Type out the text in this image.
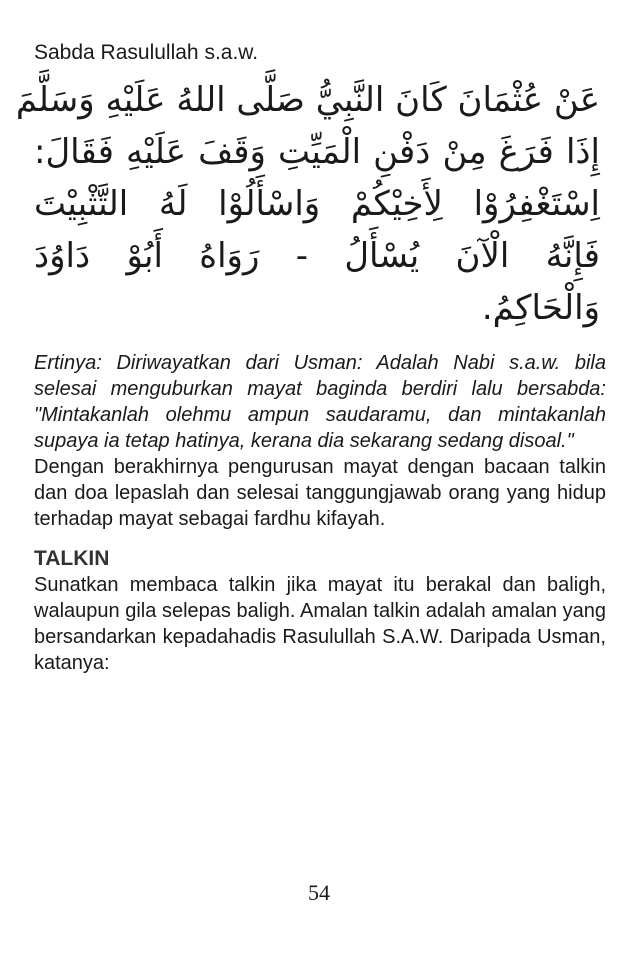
Sabda Rasulullah s.a.w.

عَنْ عُثْمَانَ كَانَ النَّبِيُّ صَلَّى اللهُ عَلَيْهِ وَسَلَّمَ
إِذَا فَرَغَ مِنْ دَفْنِ الْمَيِّتِ وَقَفَ عَلَيْهِ فَقَالَ:
اِسْتَغْفِرُوْا لِأَخِيْكُمْ وَاسْأَلُوْا لَهُ التَّثْبِيْتَ
فَإِنَّهُ الْآنَ يُسْأَلُ - رَوَاهُ أَبُوْ دَاوُدَ
وَالْحَاكِمُ.

Ertinya: Diriwayatkan dari Usman: Adalah Nabi s.a.w. bila selesai menguburkan mayat baginda berdiri lalu bersabda: "Mintakanlah olehmu ampun saudaramu, dan mintakanlah supaya ia tetap hatinya, kerana dia sekarang sedang disoal."

Dengan berakhirnya pengurusan mayat dengan bacaan talkin dan doa lepaslah dan selesai tanggungjawab orang yang hidup terhadap mayat sebagai fardhu kifayah.

TALKIN

Sunatkan membaca talkin jika mayat itu berakal dan baligh, walaupun gila selepas baligh. Amalan talkin adalah amalan yang bersandarkan kepadahadis Rasulullah S.A.W. Daripada Usman, katanya:

54
